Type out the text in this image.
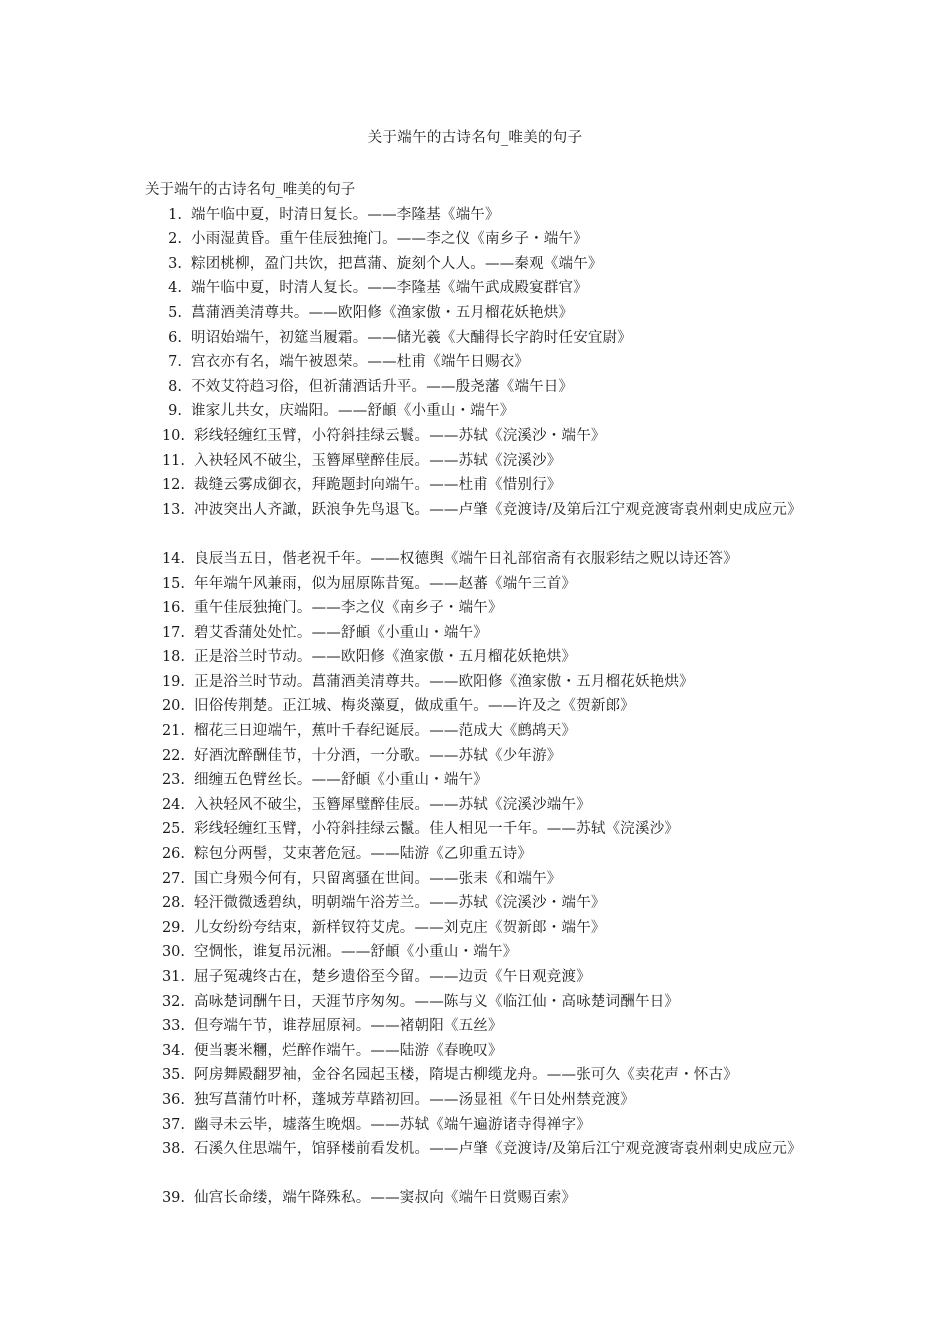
关于端午的古诗名句_唯美的句子
关于端午的古诗名句_唯美的句子
1. 端午临中夏，时清日复长。——李隆基《端午》
2. 小雨湿黄昏。重午佳辰独掩门。——李之仪《南乡子・端午》
3. 粽团桃柳，盈门共饮，把菖蒲、旋刻个人人。——秦观《端午》
4. 端午临中夏，时清人复长。——李隆基《端午武成殿宴群官》
5. 菖蒲酒美清尊共。——欧阳修《渔家傲・五月榴花妖艳烘》
6. 明诏始端午，初筵当履霜。——储光羲《大酺得长字韵时任安宜尉》
7. 宫衣亦有名，端午被恩荣。——杜甫《端午日赐衣》
8. 不效艾符趋习俗，但祈蒲酒话升平。——殷尧藩《端午日》
9. 谁家儿共女，庆端阳。——舒頔《小重山・端午》
10. 彩线轻缠红玉臂，小符斜挂绿云鬟。——苏轼《浣溪沙・端午》
11. 入袂轻风不破尘，玉簪犀壁醉佳辰。——苏轼《浣溪沙》
12. 裁缝云雾成御衣，拜跪题封向端午。——杜甫《惜别行》
13. 冲波突出人齐譀，跃浪争先鸟退飞。——卢肇《竞渡诗/及第后江宁观竞渡寄袁州刺史成应元》
14. 良辰当五日，偕老祝千年。——权德舆《端午日礼部宿斋有衣服彩结之贶以诗还答》
15. 年年端午风兼雨，似为屈原陈昔冤。——赵蕃《端午三首》
16. 重午佳辰独掩门。——李之仪《南乡子・端午》
17. 碧艾香蒲处处忙。——舒頔《小重山・端午》
18. 正是浴兰时节动。——欧阳修《渔家傲・五月榴花妖艳烘》
19. 正是浴兰时节动。菖蒲酒美清尊共。——欧阳修《渔家傲・五月榴花妖艳烘》
20. 旧俗传荆楚。正江城、梅炎藻夏，做成重午。——许及之《贺新郎》
21. 榴花三日迎端午，蕉叶千春纪诞辰。——范成大《鹧鸪天》
22. 好酒沈醉酬佳节，十分酒，一分歌。——苏轼《少年游》
23. 细缠五色臂丝长。——舒頔《小重山・端午》
24. 入袂轻风不破尘，玉簪犀璧醉佳辰。——苏轼《浣溪沙端午》
25. 彩线轻缠红玉臂，小符斜挂绿云鬣。佳人相见一千年。——苏轼《浣溪沙》
26. 粽包分两髻，艾束著危冠。——陆游《乙卯重五诗》
27. 国亡身殒今何有，只留离骚在世间。——张耒《和端午》
28. 轻汗微微透碧纨，明朝端午浴芳兰。——苏轼《浣溪沙・端午》
29. 儿女纷纷夸结束，新样钗符艾虎。——刘克庄《贺新郎・端午》
30. 空惆怅，谁复吊沅湘。——舒頔《小重山・端午》
31. 屈子冤魂终古在，楚乡遗俗至今留。——边贡《午日观竞渡》
32. 高咏楚词酬午日，天涯节序匆匆。——陈与义《临江仙・高咏楚词酬午日》
33. 但夸端午节，谁荐屈原祠。——褚朝阳《五丝》
34. 便当裹米糰，烂醉作端午。——陆游《春晚叹》
35. 阿房舞殿翻罗袖，金谷名园起玉楼，隋堤古柳缆龙舟。——张可久《卖花声・怀古》
36. 独写菖蒲竹叶杯，蓬城芳草踏初回。——汤显祖《午日处州禁竞渡》
37. 幽寻未云毕，墟落生晚烟。——苏轼《端午遍游诸寺得禅字》
38. 石溪久住思端午，馆驿楼前看发机。——卢肇《竞渡诗/及第后江宁观竞渡寄袁州刺史成应元》
39. 仙宫长命缕，端午降殊私。——窦叔向《端午日赏赐百索》
